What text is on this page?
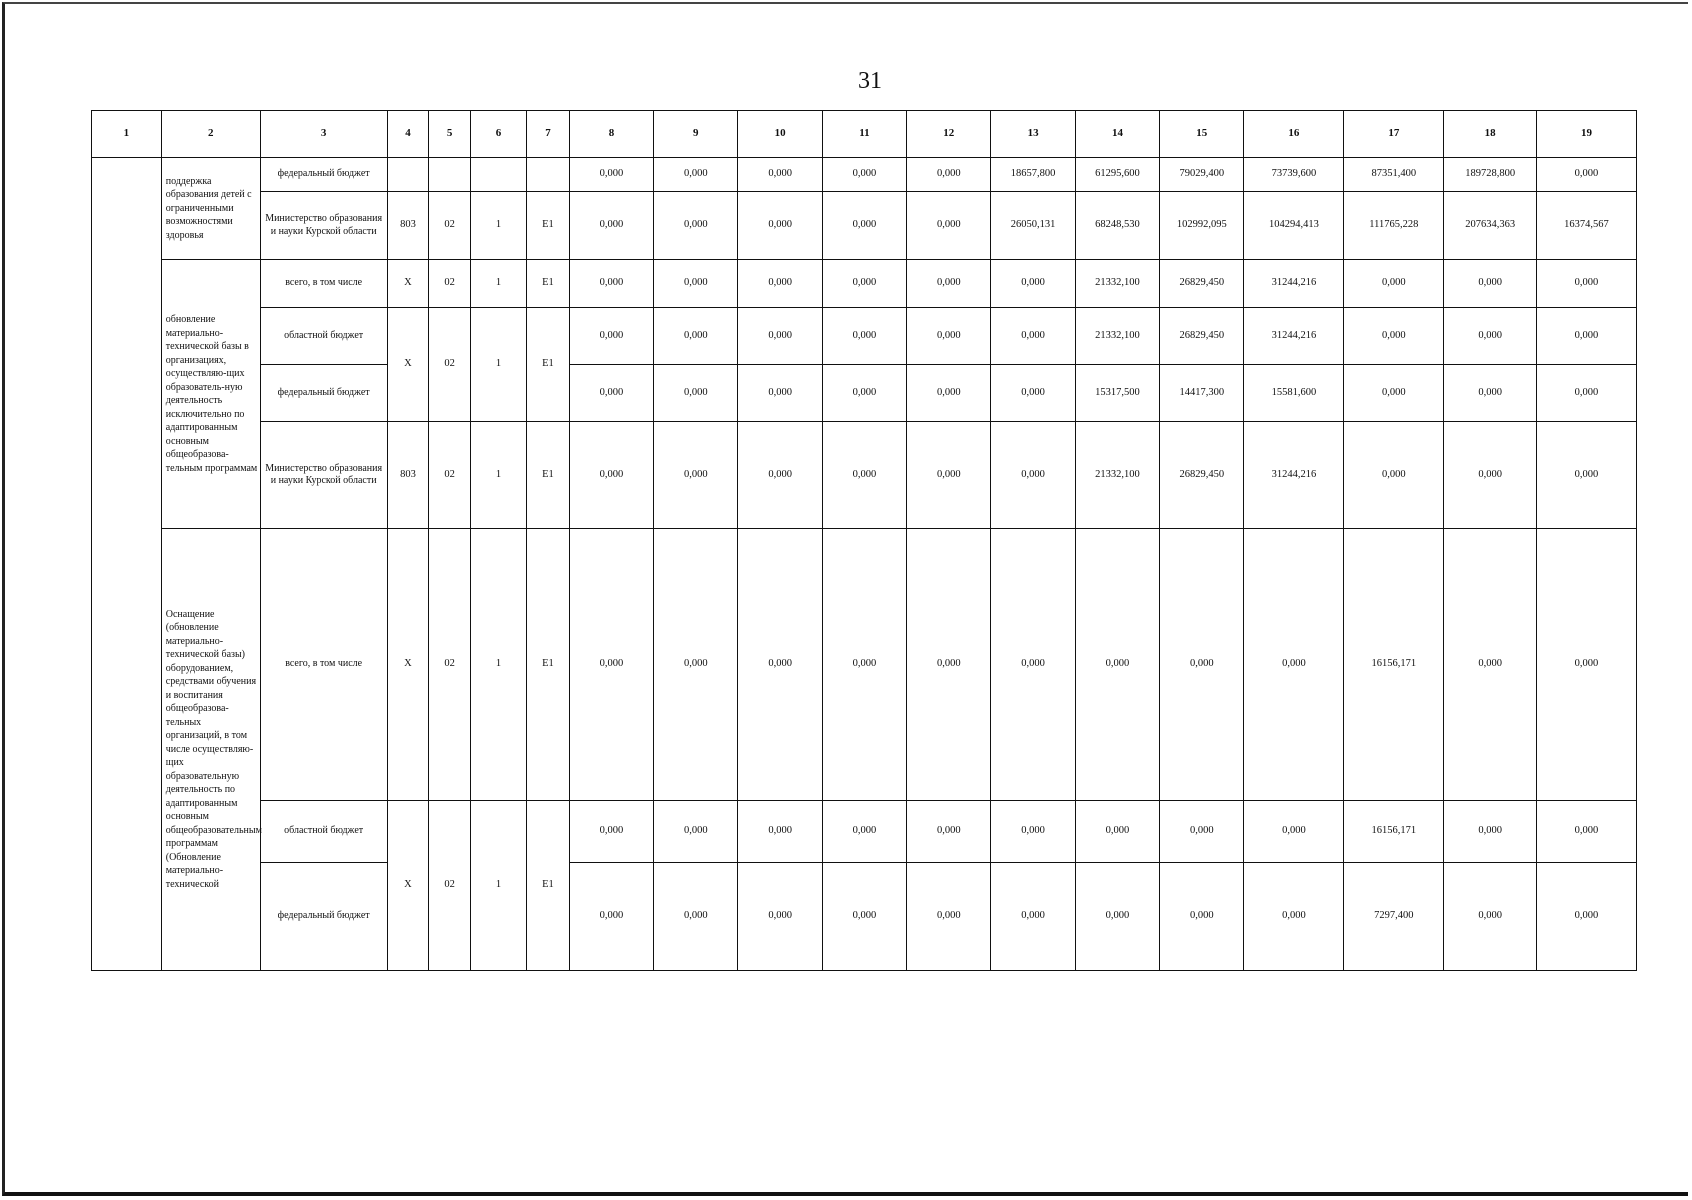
31
1	2	3	4	5	6	7	8	9	10	11	12	13	14	15	16	17	18	19
	поддержка образования детей с ограниченными возможностями здоровья	федеральный бюджет					0,000	0,000	0,000	0,000	0,000	18657,800	61295,600	79029,400	73739,600	87351,400	189728,800	0,000
		Министерство образования и науки Курской области	803	02	1	E1	0,000	0,000	0,000	0,000	0,000	26050,131	68248,530	102992,095	104294,413	111765,228	207634,363	16374,567
	обновление материально-технической базы в организациях, осуществляю-щих образователь-ную деятельность исключительно по адаптированным основным общеобразова-тельным программам	всего, в том числе	X	02	1	E1	0,000	0,000	0,000	0,000	0,000	0,000	21332,100	26829,450	31244,216	0,000	0,000	0,000
		областной бюджет	X	02	1	E1	0,000	0,000	0,000	0,000	0,000	0,000	21332,100	26829,450	31244,216	0,000	0,000	0,000
		федеральный бюджет					0,000	0,000	0,000	0,000	0,000	0,000	15317,500	14417,300	15581,600	0,000	0,000	0,000
		Министерство образования и науки Курской области	803	02	1	E1	0,000	0,000	0,000	0,000	0,000	0,000	21332,100	26829,450	31244,216	0,000	0,000	0,000
	Оснащение (обновление материально-технической базы) оборудованием, средствами обучения и воспитания общеобразова-тельных организаций, в том числе осуществляю-щих образовательную деятельность по адаптированным основным общеобразовательным программам (Обновление материально-технической	всего, в том числе	X	02	1	E1	0,000	0,000	0,000	0,000	0,000	0,000	0,000	0,000	0,000	16156,171	0,000	0,000
		областной бюджет	X	02	1	E1	0,000	0,000	0,000	0,000	0,000	0,000	0,000	0,000	0,000	16156,171	0,000	0,000
		федеральный бюджет					0,000	0,000	0,000	0,000	0,000	0,000	0,000	0,000	0,000	7297,400	0,000	0,000
